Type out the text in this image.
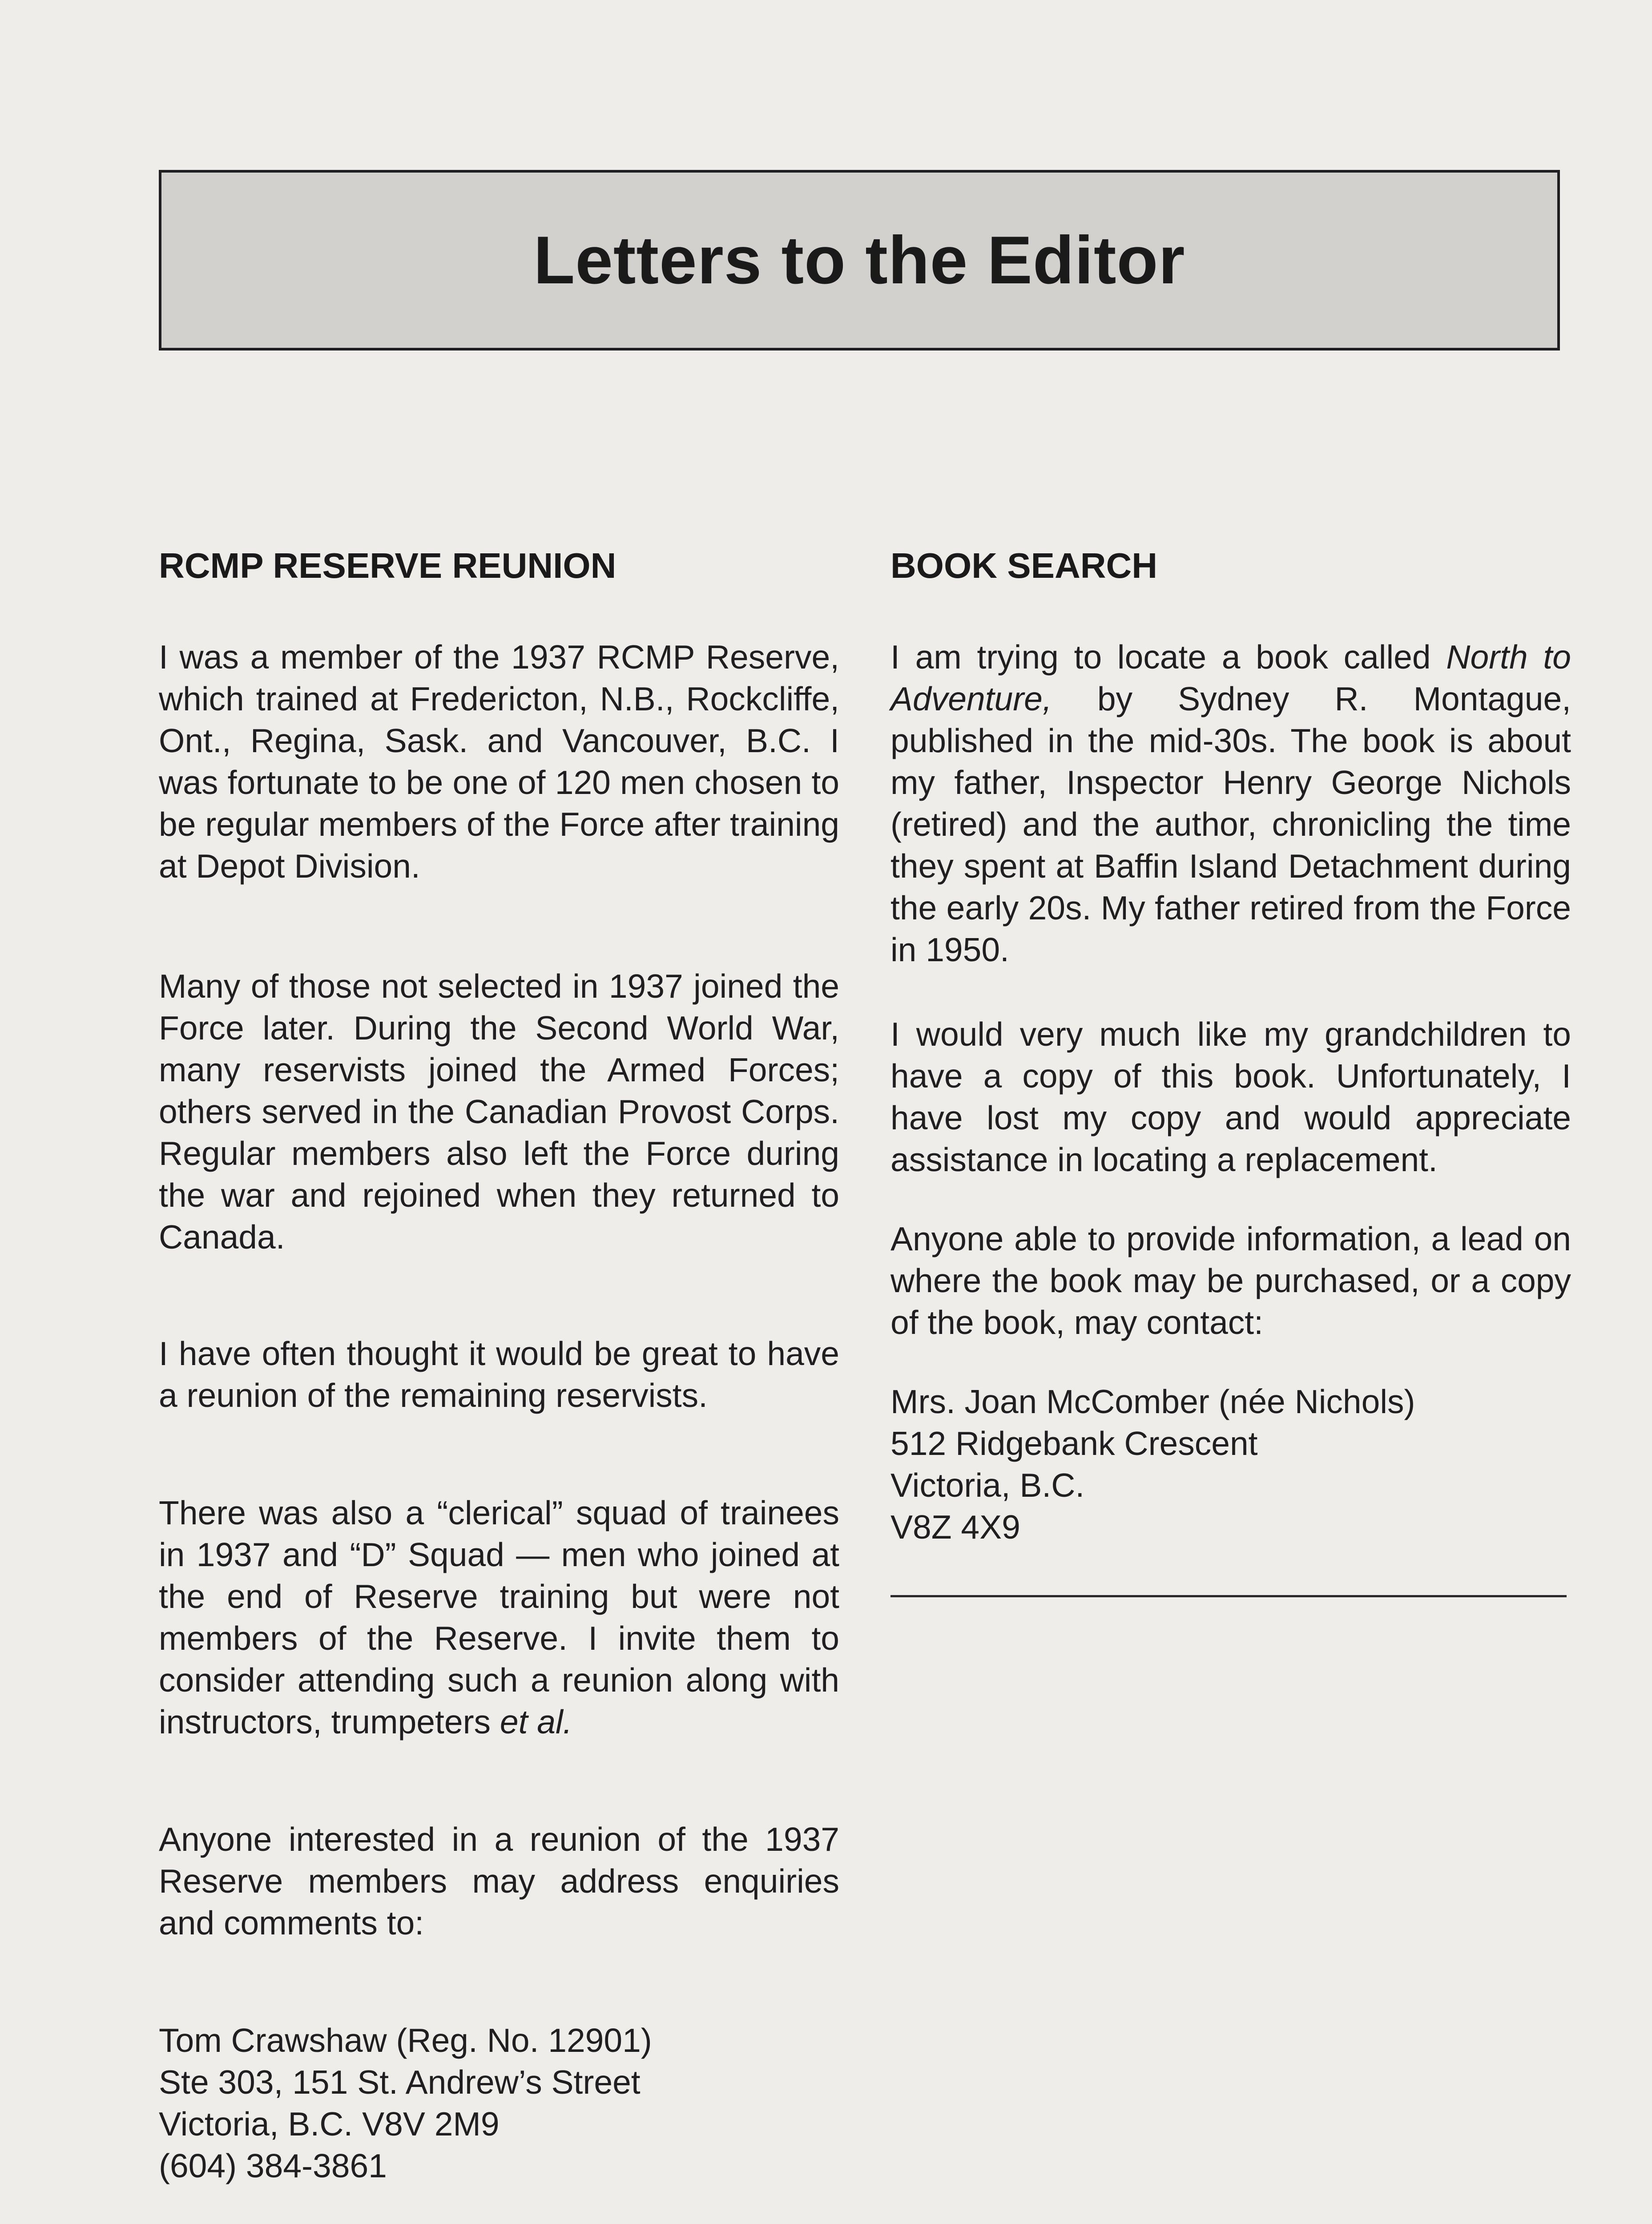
Letters to the Editor
RCMP RESERVE REUNION

I was a member of the 1937 RCMP Reserve, which trained at Fredericton, N.B., Rockcliffe, Ont., Regina, Sask. and Vancouver, B.C. I was fortunate to be one of 120 men chosen to be regular members of the Force after training at Depot Division.

Many of those not selected in 1937 joined the Force later. During the Second World War, many reservists joined the Armed Forces; others served in the Canadian Provost Corps. Regular members also left the Force during the war and rejoined when they returned to Canada.

I have often thought it would be great to have a reunion of the remaining reservists.

There was also a “clerical” squad of trainees in 1937 and “D” Squad — men who joined at the end of Reserve training but were not members of the Reserve. I invite them to consider attending such a reunion along with instructors, trumpeters et al.

Anyone interested in a reunion of the 1937 Reserve members may address enquiries and comments to:

Tom Crawshaw (Reg. No. 12901)
Ste 303, 151 St. Andrew’s Street
Victoria, B.C. V8V 2M9
(604) 384-3861
BOOK SEARCH

I am trying to locate a book called North to Adventure, by Sydney R. Montague, published in the mid-30s. The book is about my father, Inspector Henry George Nichols (retired) and the author, chronicling the time they spent at Baffin Island Detachment during the early 20s. My father retired from the Force in 1950.

I would very much like my grandchildren to have a copy of this book. Unfortunately, I have lost my copy and would appreciate assistance in locating a replacement.

Anyone able to provide information, a lead on where the book may be purchased, or a copy of the book, may contact:

Mrs. Joan McComber (née Nichols)
512 Ridgebank Crescent
Victoria, B.C.
V8Z 4X9
